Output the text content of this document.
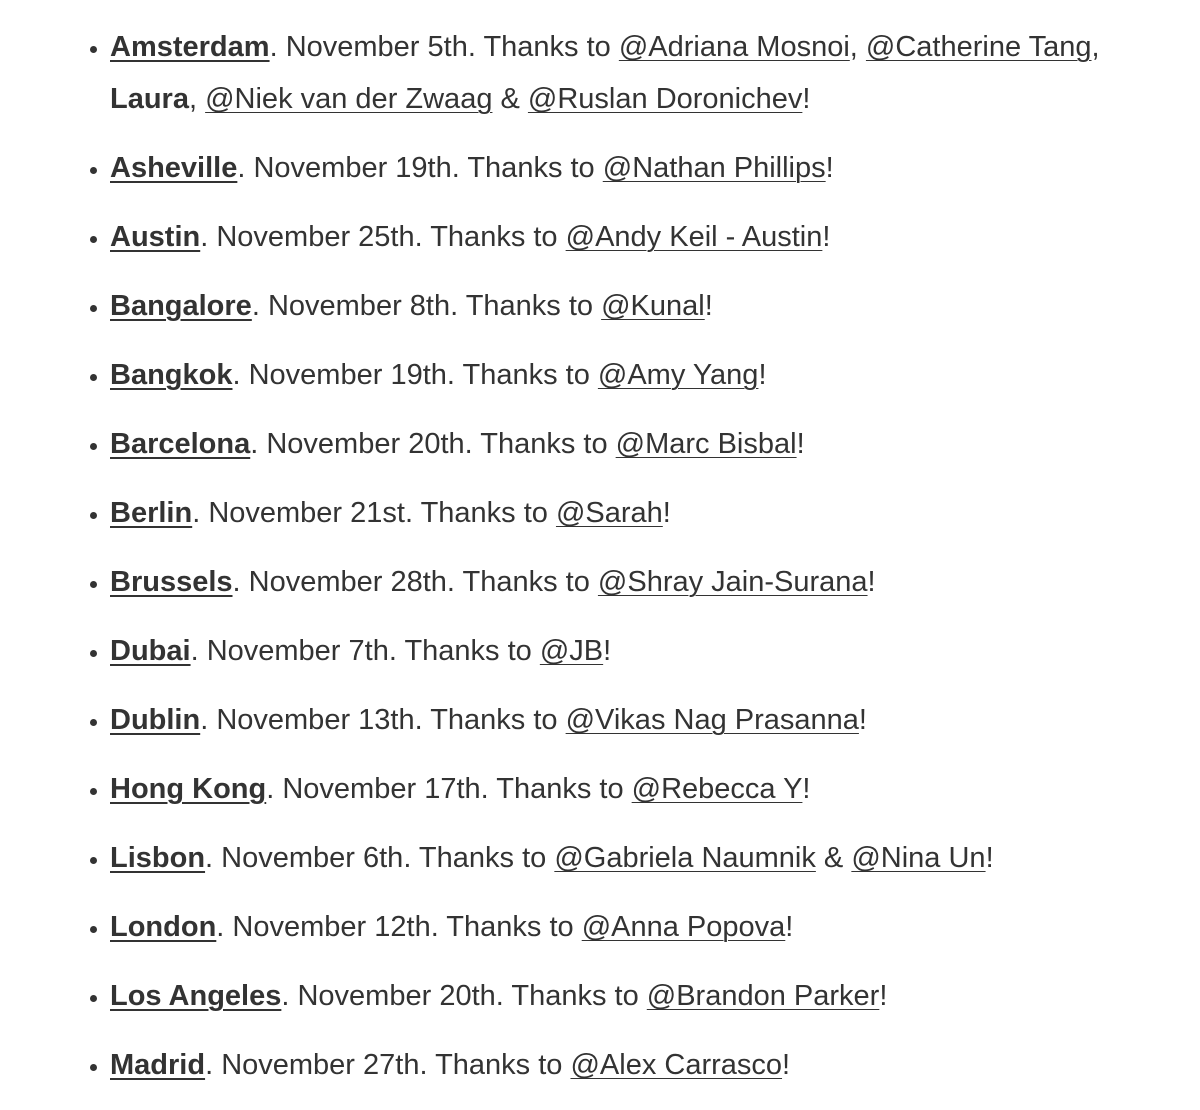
• Amsterdam. November 5th. Thanks to @Adriana Mosnoi, @Catherine Tang, Laura, @Niek van der Zwaag & @Ruslan Doronichev!
• Asheville. November 19th. Thanks to @Nathan Phillips!
• Austin. November 25th. Thanks to @Andy Keil - Austin!
• Bangalore. November 8th. Thanks to @Kunal!
• Bangkok. November 19th. Thanks to @Amy Yang!
• Barcelona. November 20th. Thanks to @Marc Bisbal!
• Berlin. November 21st. Thanks to @Sarah!
• Brussels. November 28th. Thanks to @Shray Jain-Surana!
• Dubai. November 7th. Thanks to @JB!
• Dublin. November 13th. Thanks to @Vikas Nag Prasanna!
• Hong Kong. November 17th. Thanks to @Rebecca Y!
• Lisbon. November 6th. Thanks to @Gabriela Naumnik & @Nina Un!
• London. November 12th. Thanks to @Anna Popova!
• Los Angeles. November 20th. Thanks to @Brandon Parker!
• Madrid. November 27th. Thanks to @Alex Carrasco!
